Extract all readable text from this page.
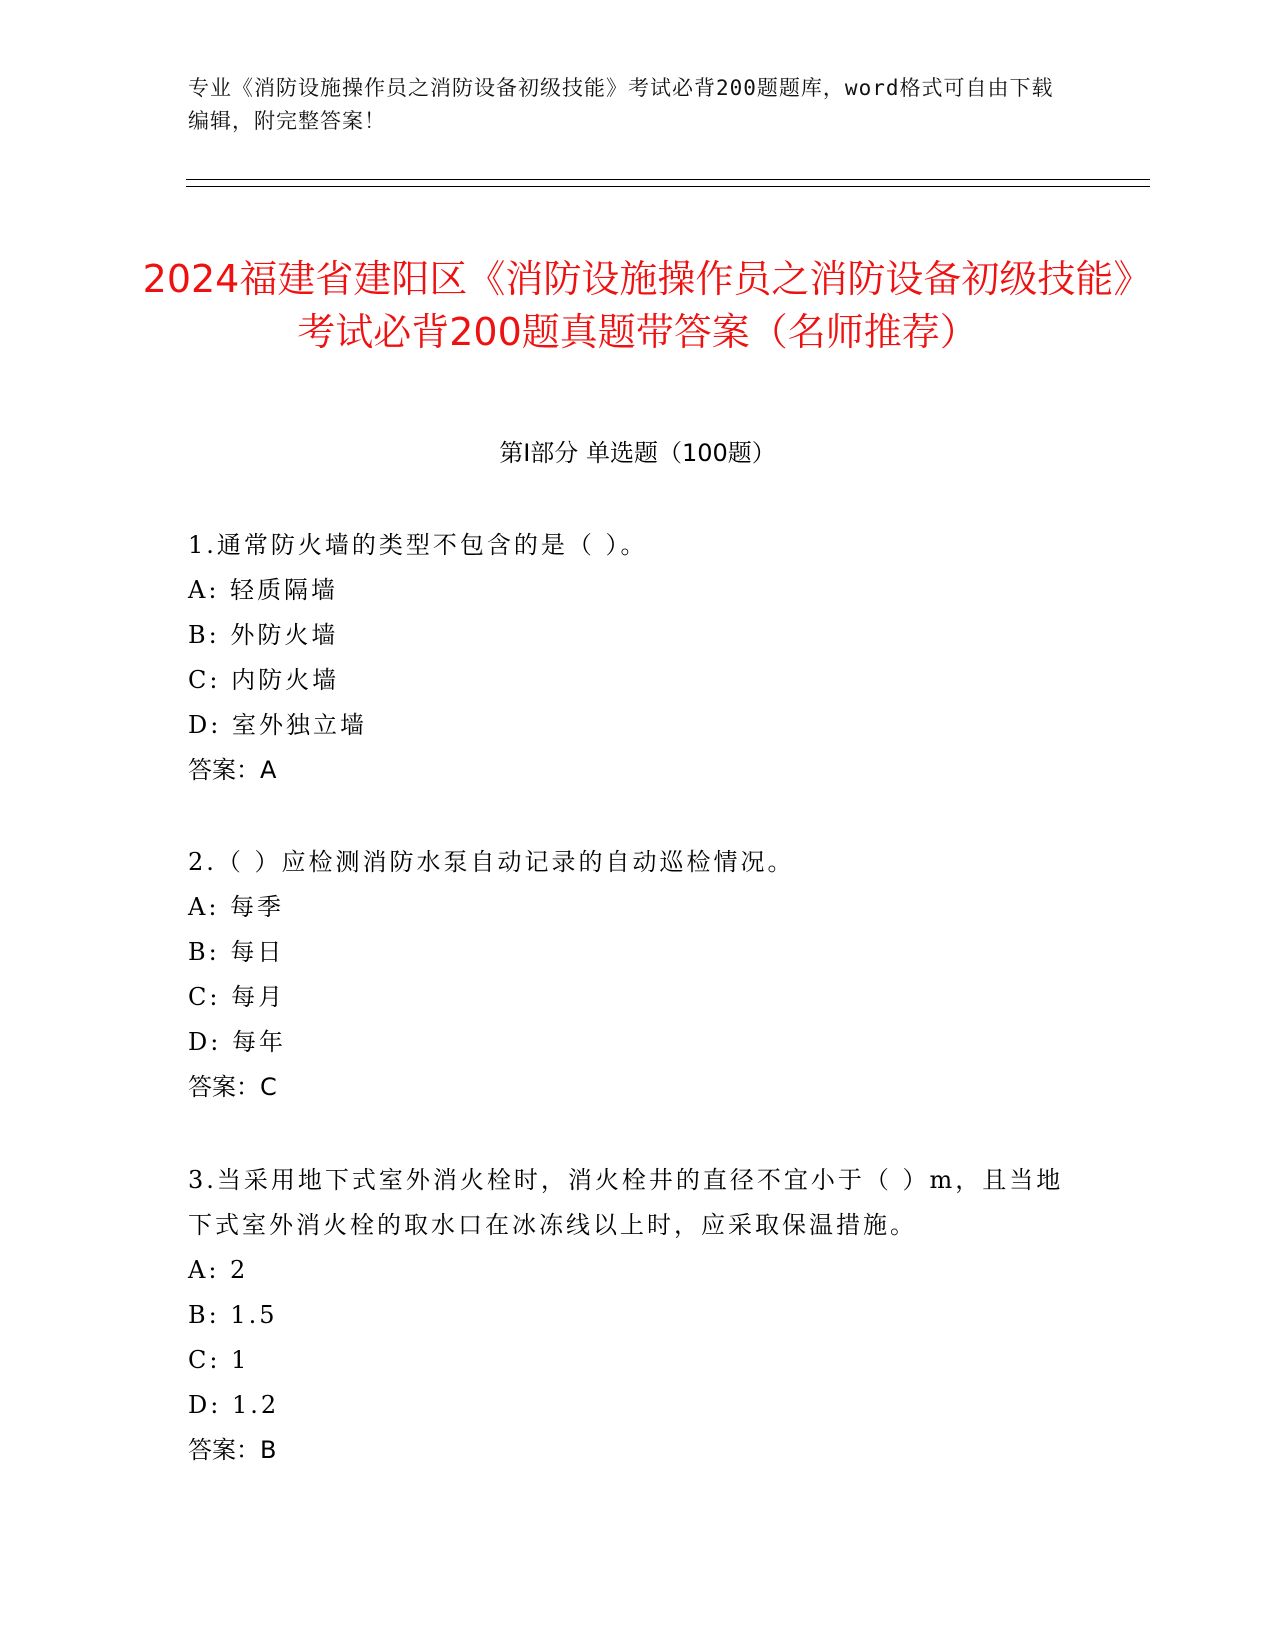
专业《消防设施操作员之消防设备初级技能》考试必背200题题库，word格式可自由下载编辑，附完整答案！
2024福建省建阳区《消防设施操作员之消防设备初级技能》考试必背200题真题带答案（名师推荐）
第Ⅰ部分 单选题（100题）

1.通常防火墙的类型不包含的是（ ）。

A: 轻质隔墙

B: 外防火墙

C: 内防火墙

D: 室外独立墙

答案：A

2.（ ）应检测消防水泵自动记录的自动巡检情况。

A: 每季

B: 每日

C: 每月

D: 每年

答案：C

3.当采用地下式室外消火栓时，消火栓井的直径不宜小于（ ）m，且当地下式室外消火栓的取水口在冰冻线以上时，应采取保温措施。

A: 2

B: 1.5

C: 1

D: 1.2

答案：B
